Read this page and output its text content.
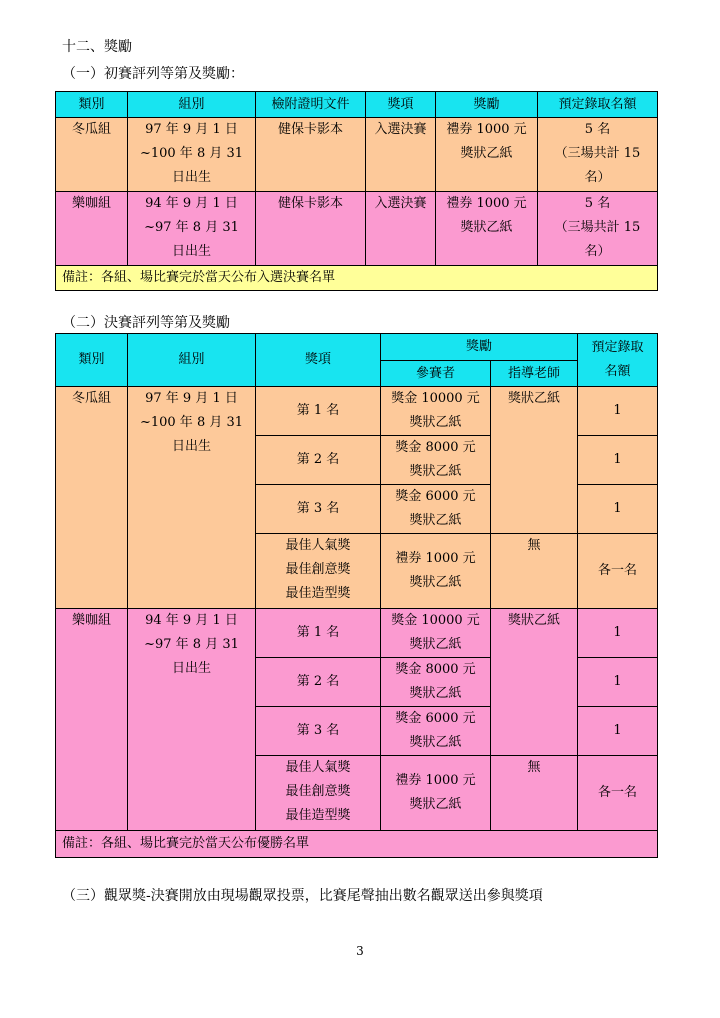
十二、獎勵
（一）初賽評列等第及獎勵：
類別	組別	檢附證明文件	獎項	獎勵	預定錄取名額
冬瓜組	97 年 9 月 1 日
~100 年 8 月 31
日出生	健保卡影本	入選決賽	禮券 1000 元
獎狀乙紙	5 名
（三場共計 15
名）

樂咖組	94 年 9 月 1 日
~97 年 8 月 31
日出生	健保卡影本	入選決賽	禮券 1000 元
獎狀乙紙	5 名
（三場共計 15
名）

備註：各組、場比賽完於當天公布入選決賽名單					
（二）決賽評列等第及獎勵
類別	組別	獎項	獎勵		預定錄取
名額

			參賽者	指導老師	
冬瓜組	97 年 9 月 1 日
~100 年 8 月 31
日出生	第 1 名	獎金 10000 元
獎狀乙紙	獎狀乙紙	1
		第 2 名	獎金 8000 元
獎狀乙紙		1
		第 3 名	獎金 6000 元
獎狀乙紙		1

		最佳人氣獎
最佳創意獎
最佳造型獎	禮券 1000 元
獎狀乙紙	無	各一名
樂咖組	94 年 9 月 1 日
~97 年 8 月 31
日出生	第 1 名	獎金 10000 元
獎狀乙紙	獎狀乙紙	1
		第 2 名	獎金 8000 元
獎狀乙紙		1
		第 3 名	獎金 6000 元
獎狀乙紙		1

		最佳人氣獎
最佳創意獎
最佳造型獎	禮券 1000 元
獎狀乙紙	無	各一名
備註：各組、場比賽完於當天公布優勝名單					
（三）觀眾獎-決賽開放由現場觀眾投票，比賽尾聲抽出數名觀眾送出參與獎項
3
